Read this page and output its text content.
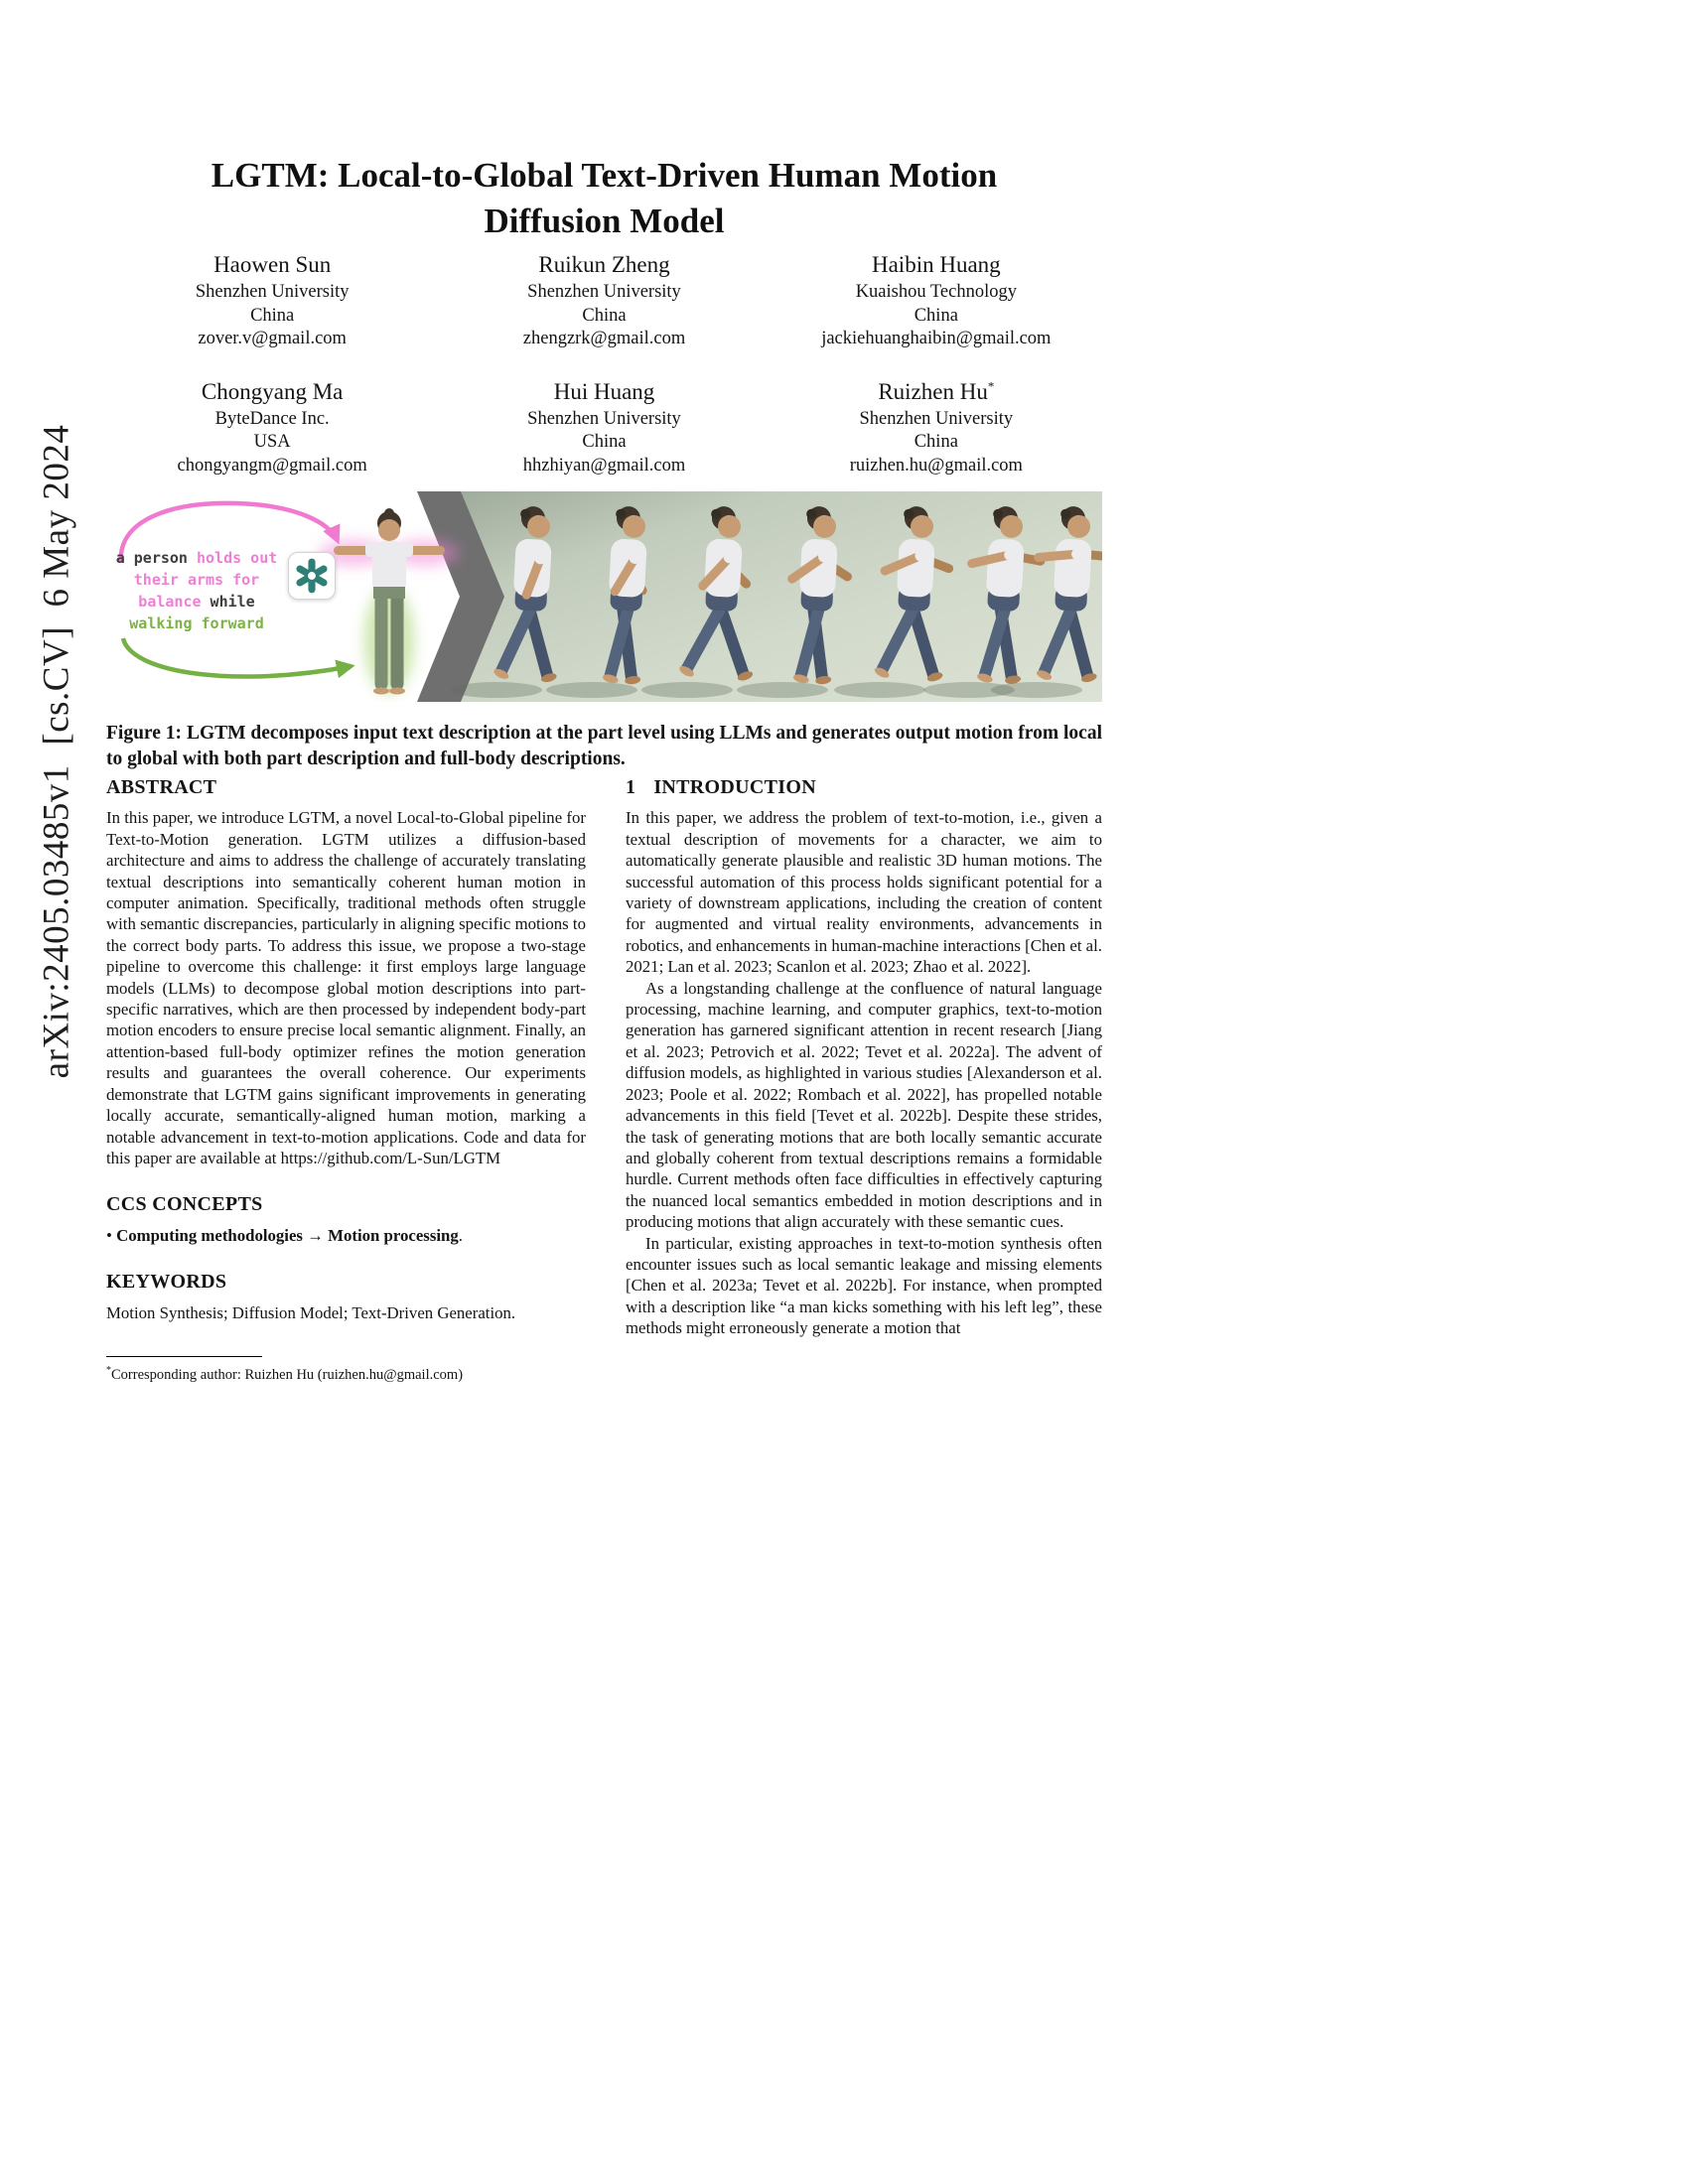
arXiv:2405.03485v1  [cs.CV]  6 May 2024
LGTM: Local-to-Global Text-Driven Human Motion
Diffusion Model
Haowen Sun
Shenzhen University
China
zover.v@gmail.com
Ruikun Zheng
Shenzhen University
China
zhengzrk@gmail.com
Haibin Huang
Kuaishou Technology
China
jackiehuanghaibin@gmail.com
Chongyang Ma
ByteDance Inc.
USA
chongyangm@gmail.com
Hui Huang
Shenzhen University
China
hhzhiyan@gmail.com
Ruizhen Hu*
Shenzhen University
China
ruizhen.hu@gmail.com
a person holds out
their arms for
balance while
walking forward
Figure 1: LGTM decomposes input text description at the part level using LLMs and generates output motion from local to global with both part description and full-body descriptions.
ABSTRACT

In this paper, we introduce LGTM, a novel Local-to-Global pipeline for Text-to-Motion generation. LGTM utilizes a diffusion-based architecture and aims to address the challenge of accurately translating textual descriptions into semantically coherent human motion in computer animation. Specifically, traditional methods often struggle with semantic discrepancies, particularly in aligning specific motions to the correct body parts. To address this issue, we propose a two-stage pipeline to overcome this challenge: it first employs large language models (LLMs) to decompose global motion descriptions into part-specific narratives, which are then processed by independent body-part motion encoders to ensure precise local semantic alignment. Finally, an attention-based full-body optimizer refines the motion generation results and guarantees the overall coherence. Our experiments demonstrate that LGTM gains significant improvements in generating locally accurate, semantically-aligned human motion, marking a notable advancement in text-to-motion applications. Code and data for this paper are available at https://github.com/L-Sun/LGTM

CCS CONCEPTS

• Computing methodologies → Motion processing.

KEYWORDS

Motion Synthesis; Diffusion Model; Text-Driven Generation.

*Corresponding author: Ruizhen Hu (ruizhen.hu@gmail.com)
1 INTRODUCTION

In this paper, we address the problem of text-to-motion, i.e., given a textual description of movements for a character, we aim to automatically generate plausible and realistic 3D human motions. The successful automation of this process holds significant potential for a variety of downstream applications, including the creation of content for augmented and virtual reality environments, advancements in robotics, and enhancements in human-machine interactions [Chen et al. 2021; Lan et al. 2023; Scanlon et al. 2023; Zhao et al. 2022].

As a longstanding challenge at the confluence of natural language processing, machine learning, and computer graphics, text-to-motion generation has garnered significant attention in recent research [Jiang et al. 2023; Petrovich et al. 2022; Tevet et al. 2022a]. The advent of diffusion models, as highlighted in various studies [Alexanderson et al. 2023; Poole et al. 2022; Rombach et al. 2022], has propelled notable advancements in this field [Tevet et al. 2022b]. Despite these strides, the task of generating motions that are both locally semantic accurate and globally coherent from textual descriptions remains a formidable hurdle. Current methods often face difficulties in effectively capturing the nuanced local semantics embedded in motion descriptions and in producing motions that align accurately with these semantic cues.

In particular, existing approaches in text-to-motion synthesis often encounter issues such as local semantic leakage and missing elements [Chen et al. 2023a; Tevet et al. 2022b]. For instance, when prompted with a description like “a man kicks something with his left leg”, these methods might erroneously generate a motion that
